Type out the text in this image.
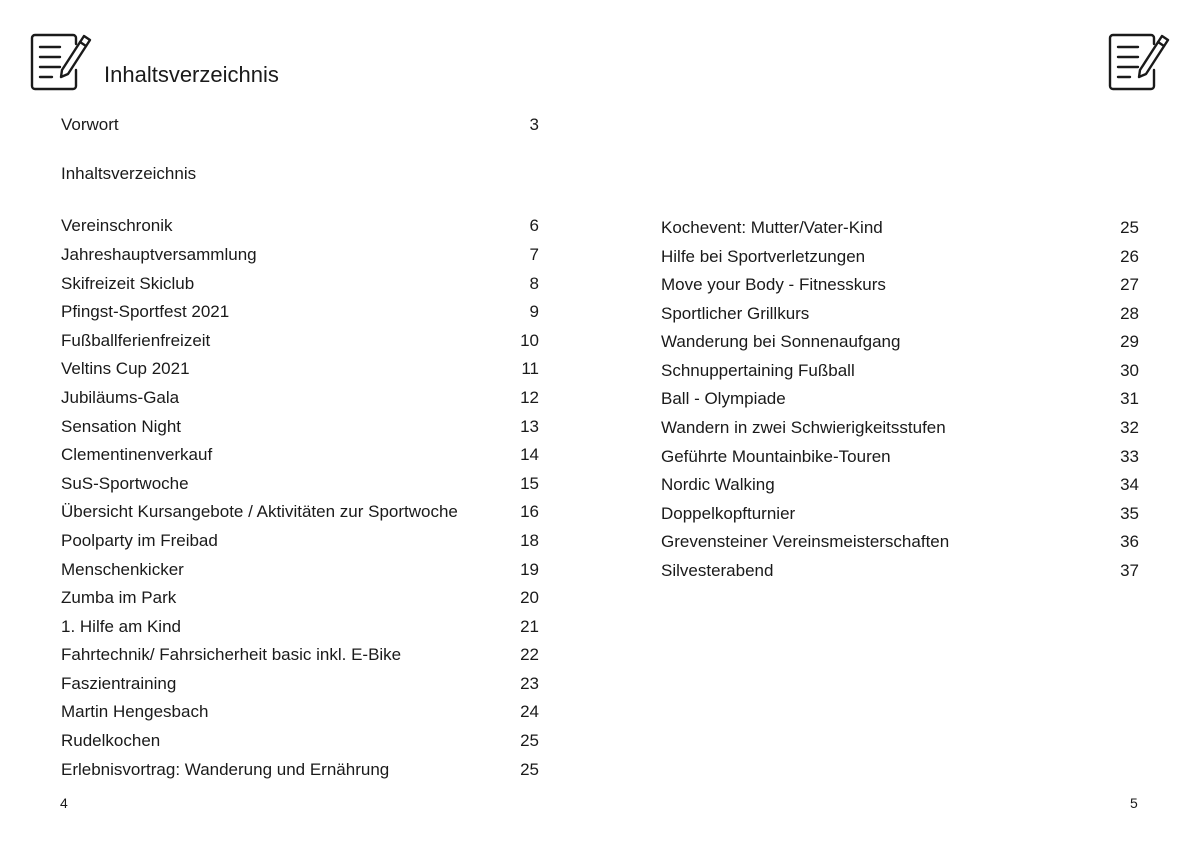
Inhaltsverzeichnis
Vorwort	3
Inhaltsverzeichnis
Vereinschronik	6
Jahreshauptversammlung	7
Skifreizeit Skiclub	8
Pfingst-Sportfest 2021	9
Fußballferienfreizeit	10
Veltins Cup 2021	11
Jubiläums-Gala	12
Sensation Night	13
Clementinenverkauf	14
SuS-Sportwoche	15
Übersicht Kursangebote / Aktivitäten zur Sportwoche	16
Poolparty im Freibad	18
Menschenkicker	19
Zumba im Park	20
1. Hilfe am Kind	21
Fahrtechnik/ Fahrsicherheit basic inkl. E-Bike	22
Faszientraining	23
Martin Hengesbach	24
Rudelkochen	25
Erlebnisvortrag: Wanderung und Ernährung	25
Kochevent: Mutter/Vater-Kind	25
Hilfe bei Sportverletzungen	26
Move your Body - Fitnesskurs	27
Sportlicher Grillkurs	28
Wanderung bei Sonnenaufgang	29
Schnuppertaining Fußball	30
Ball - Olympiade	31
Wandern in zwei Schwierigkeitsstufen	32
Geführte Mountainbike-Touren	33
Nordic Walking	34
Doppelkopfturnier	35
Grevensteiner Vereinsmeisterschaften	36
Silvesterabend	37
4	5
